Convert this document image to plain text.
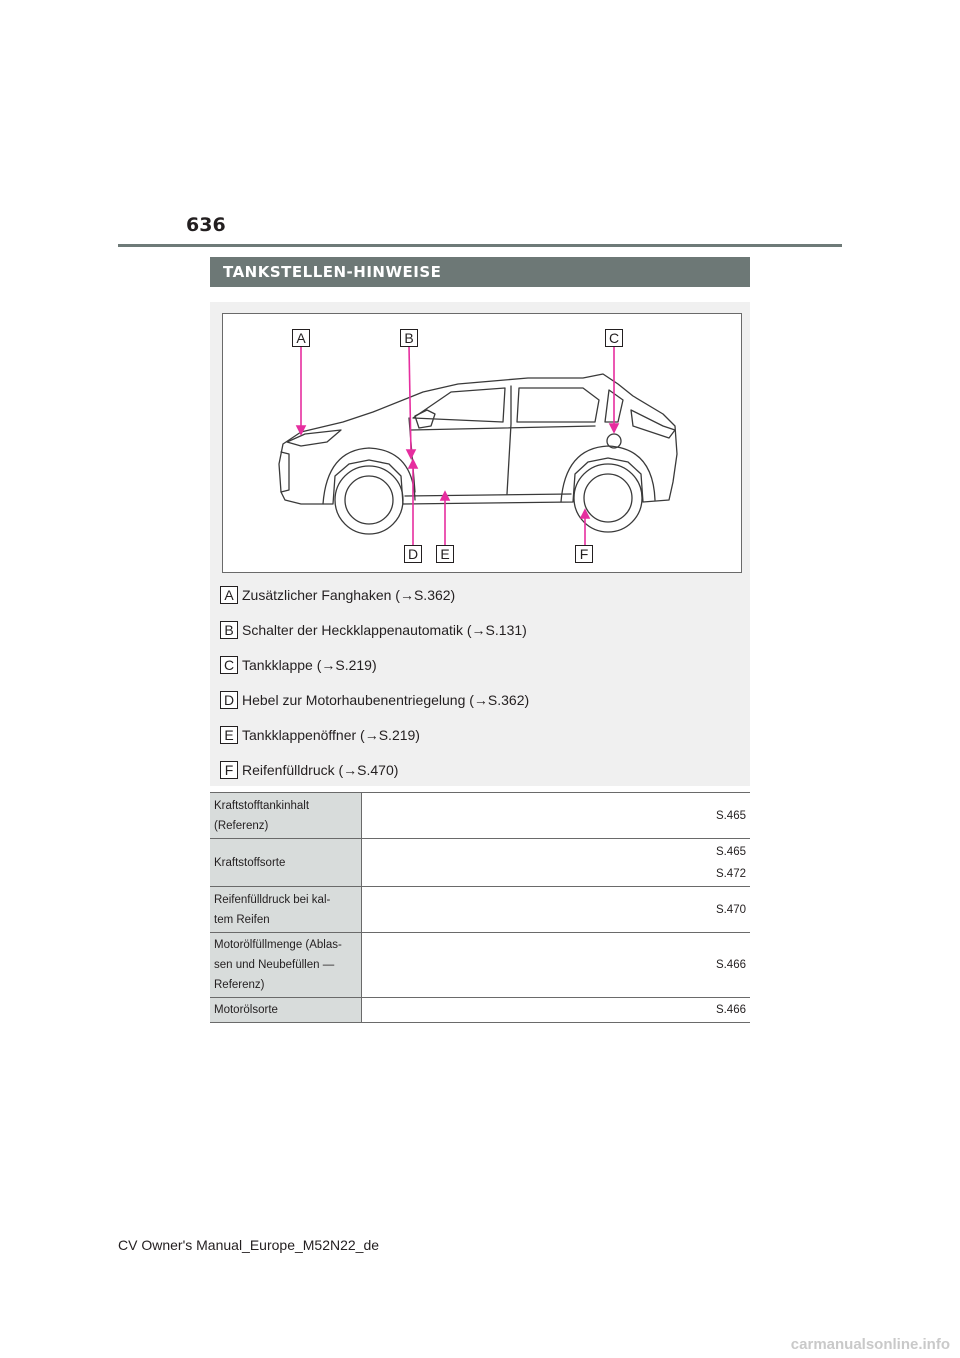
636
TANKSTELLEN-HINWEISE
A	B	C
D	E	F
A Zusätzlicher Fanghaken (→S.362)
B Schalter der Heckklappenautomatik (→S.131)
C Tankklappe (→S.219)
D Hebel zur Motorhaubenentriegelung (→S.362)
E Tankklappenöffner (→S.219)
F Reifenfülldruck (→S.470)
Kraftstofftankinhalt
(Referenz)	S.465

Kraftstoffsorte	S.465
S.472

Reifenfülldruck bei kal-
tem Reifen	S.470

Motorölfüllmenge (Ablas-
sen und Neubefüllen —
Referenz)	S.466

Motorölsorte	S.466
CV Owner's Manual_Europe_M52N22_de
carmanualsonline.info
